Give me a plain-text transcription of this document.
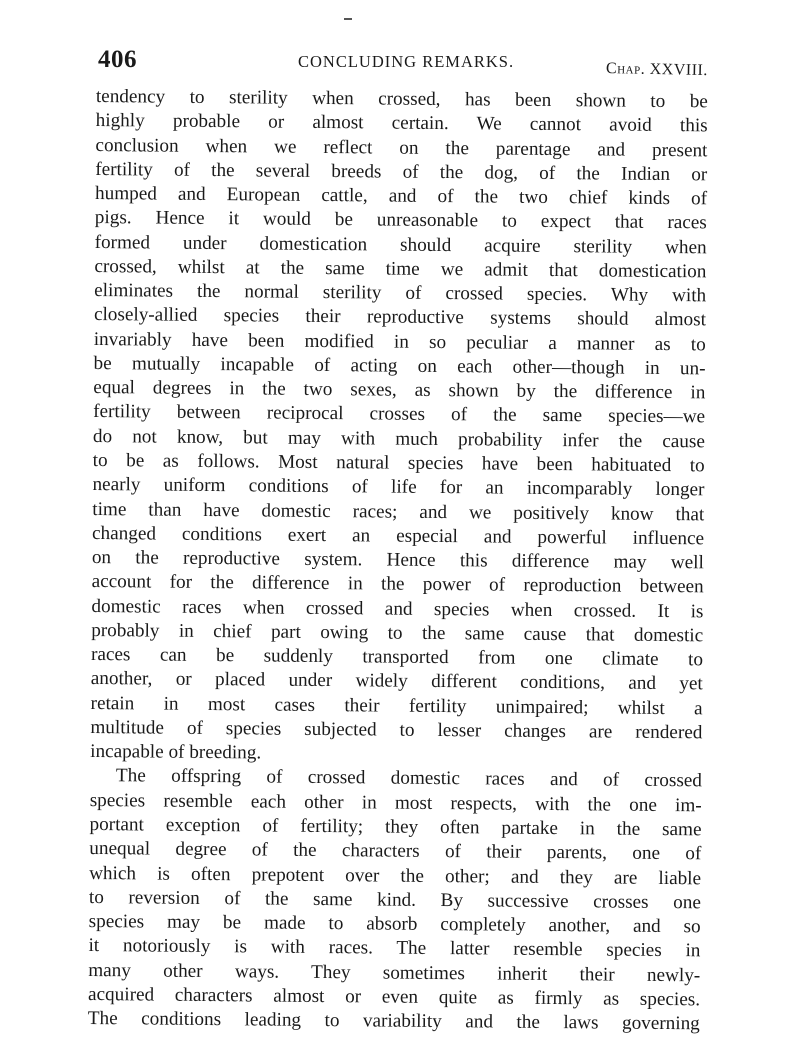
406	CONCLUDING REMARKS.	Chap. XXVIII.
tendency to sterility when crossed, has been shown to be
highly probable or almost certain. We cannot avoid this
conclusion when we reflect on the parentage and present
fertility of the several breeds of the dog, of the Indian or
humped and European cattle, and of the two chief kinds of
pigs. Hence it would be unreasonable to expect that races
formed under domestication should acquire sterility when
crossed, whilst at the same time we admit that domestication
eliminates the normal sterility of crossed species. Why with
closely-allied species their reproductive systems should almost
invariably have been modified in so peculiar a manner as to
be mutually incapable of acting on each other—though in un-
equal degrees in the two sexes, as shown by the difference in
fertility between reciprocal crosses of the same species—we
do not know, but may with much probability infer the cause
to be as follows. Most natural species have been habituated to
nearly uniform conditions of life for an incomparably longer
time than have domestic races; and we positively know that
changed conditions exert an especial and powerful influence
on the reproductive system. Hence this difference may well
account for the difference in the power of reproduction between
domestic races when crossed and species when crossed. It is
probably in chief part owing to the same cause that domestic
races can be suddenly transported from one climate to
another, or placed under widely different conditions, and yet
retain in most cases their fertility unimpaired; whilst a
multitude of species subjected to lesser changes are rendered
incapable of breeding.
The offspring of crossed domestic races and of crossed
species resemble each other in most respects, with the one im-
portant exception of fertility; they often partake in the same
unequal degree of the characters of their parents, one of
which is often prepotent over the other; and they are liable
to reversion of the same kind. By successive crosses one
species may be made to absorb completely another, and so
it notoriously is with races. The latter resemble species in
many other ways. They sometimes inherit their newly-
acquired characters almost or even quite as firmly as species.
The conditions leading to variability and the laws governing
